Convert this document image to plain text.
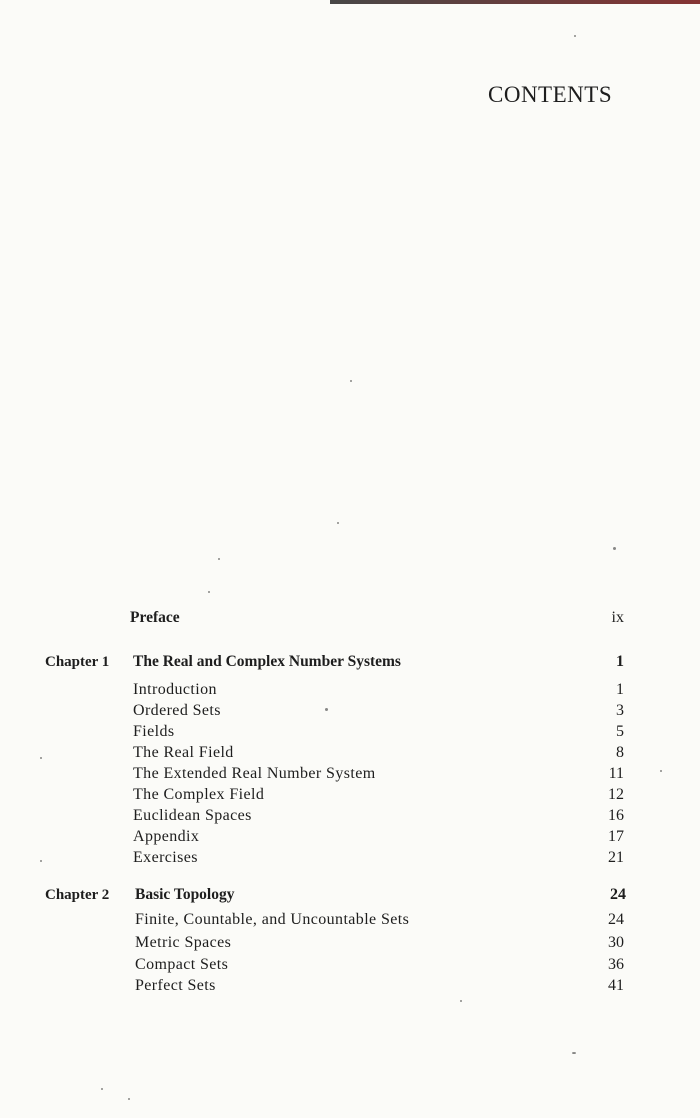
CONTENTS
Preface	ix
Chapter 1 The Real and Complex Number Systems	1
Introduction	1
Ordered Sets	3
Fields	5
The Real Field	8
The Extended Real Number System	11
The Complex Field	12
Euclidean Spaces	16
Appendix	17
Exercises	21
Chapter 2 Basic Topology	24
Finite, Countable, and Uncountable Sets	24
Metric Spaces	30
Compact Sets	36
Perfect Sets	41
